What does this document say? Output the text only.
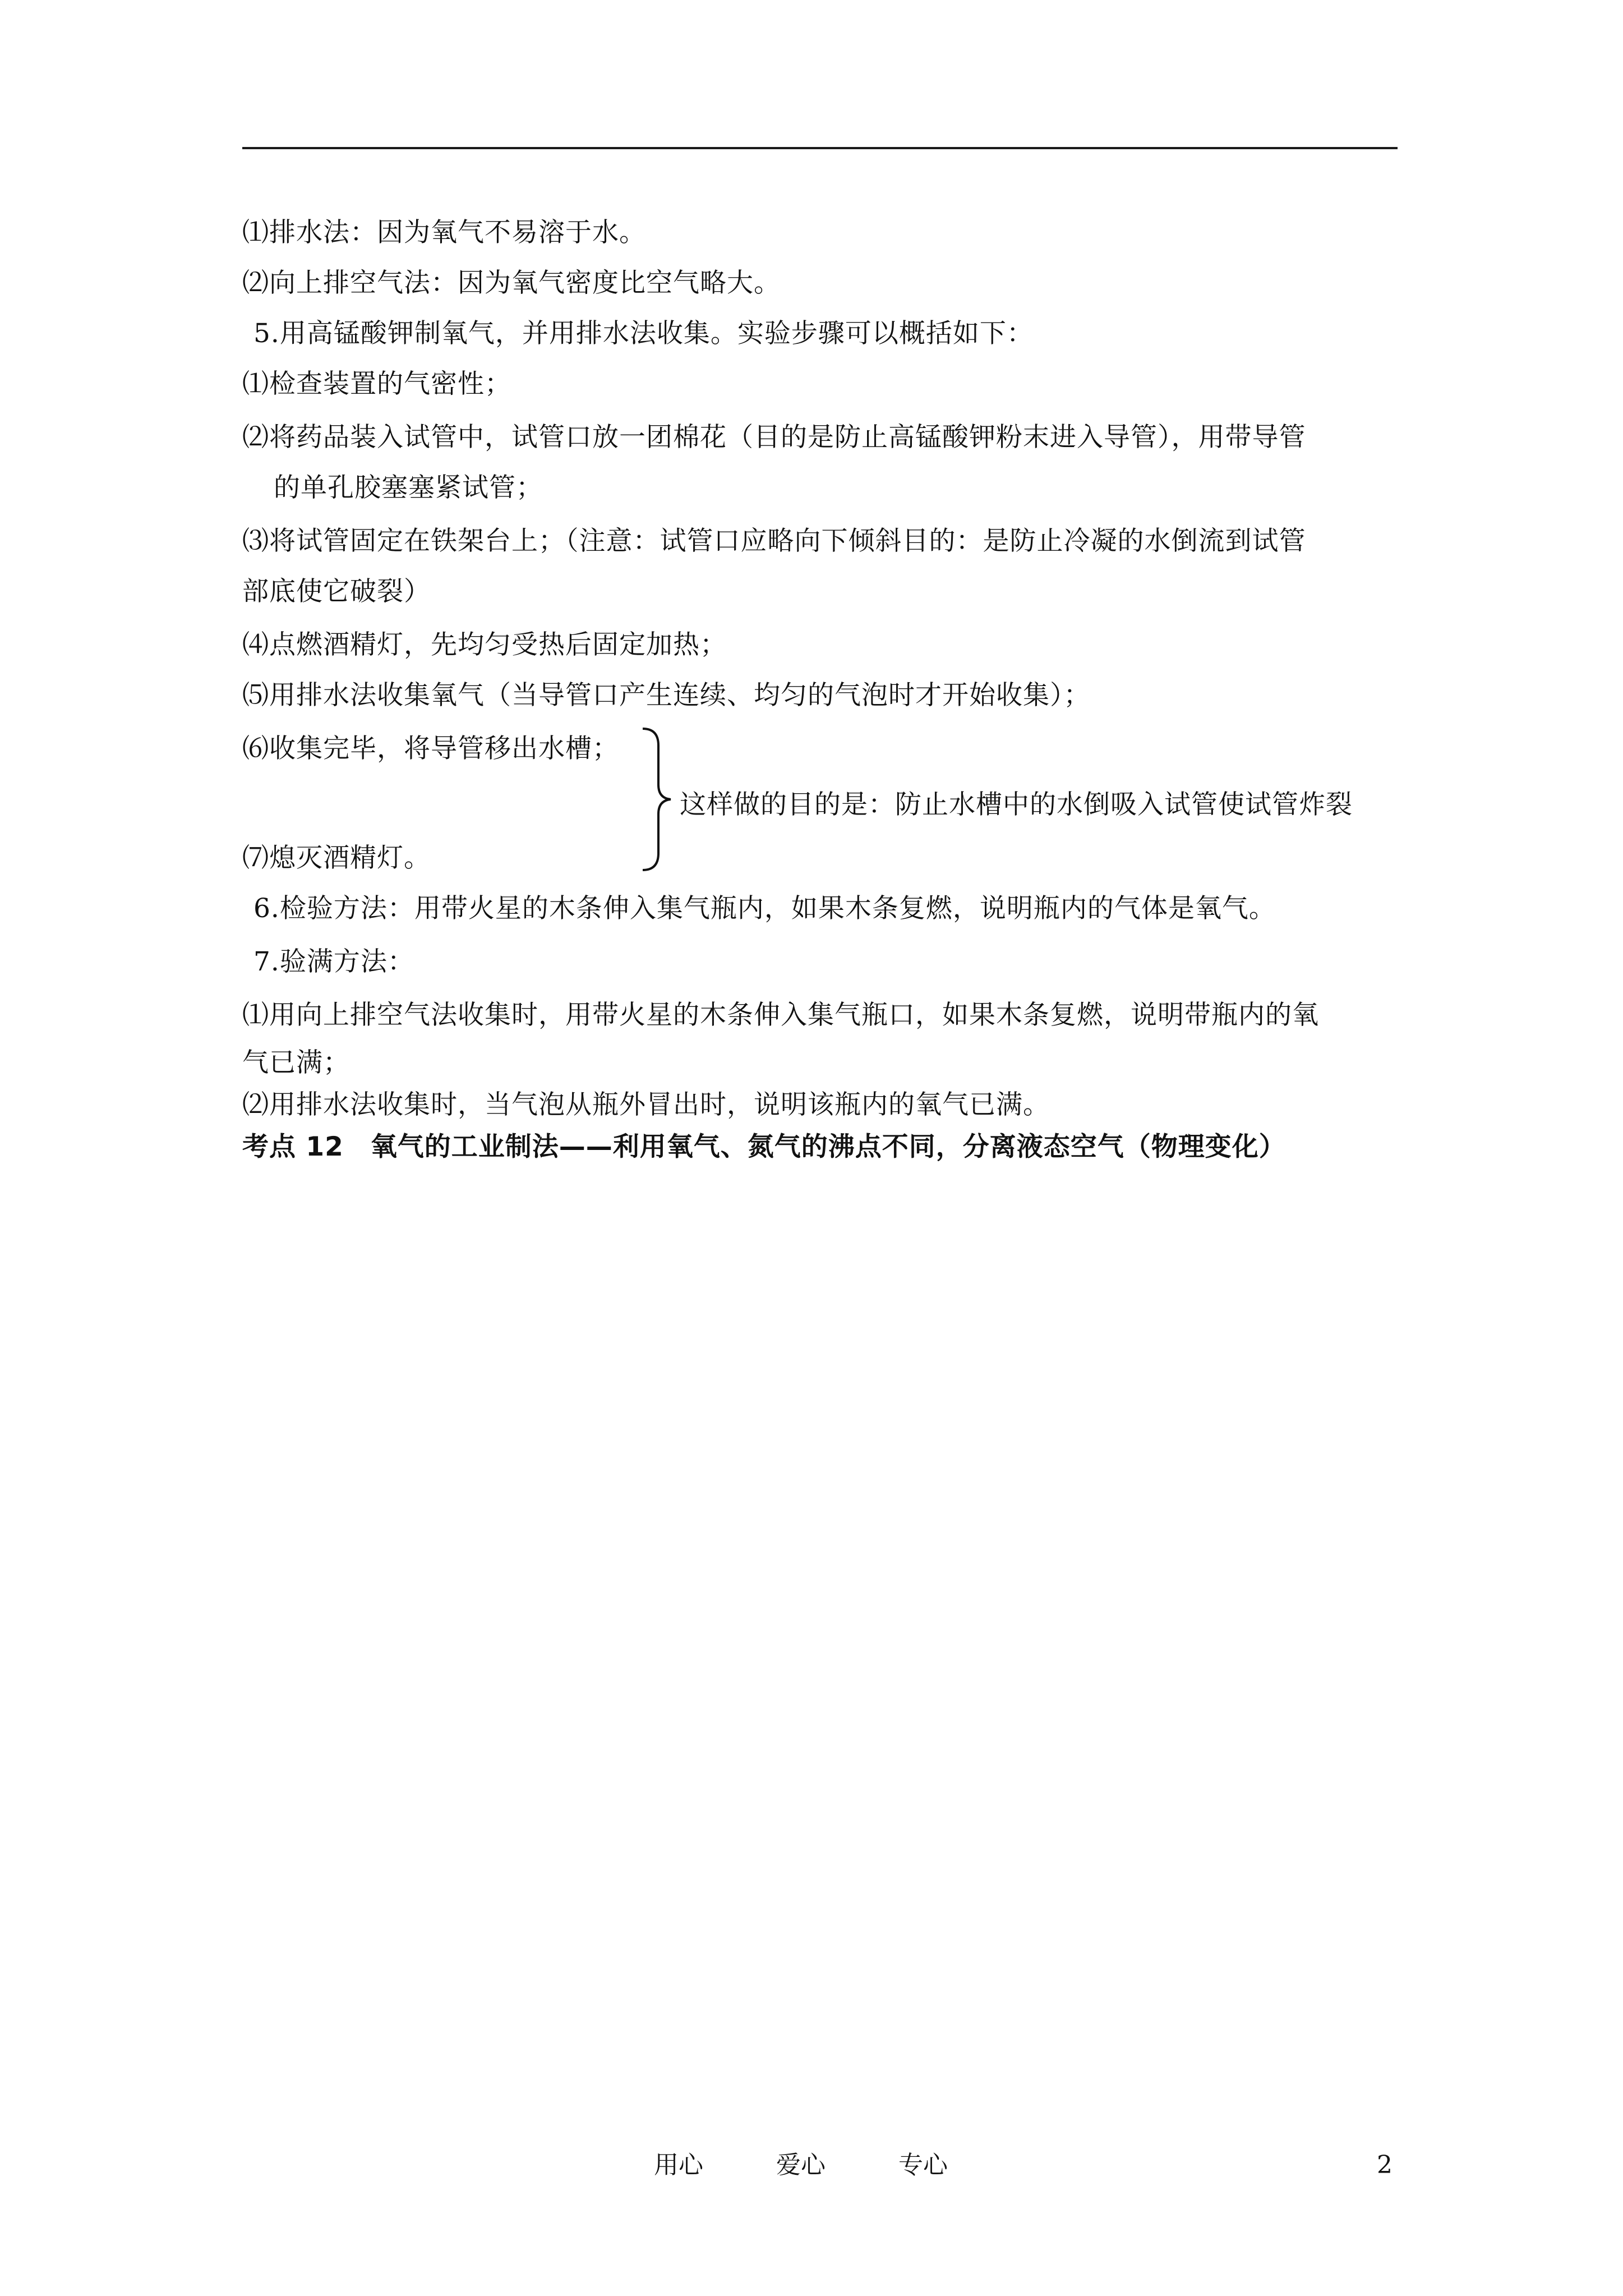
⑴排水法：因为氧气不易溶于水。
⑵向上排空气法：因为氧气密度比空气略大。
5.用高锰酸钾制氧气，并用排水法收集。实验步骤可以概括如下：
⑴检查装置的气密性；
⑵将药品装入试管中，试管口放一团棉花（目的是防止高锰酸钾粉末进入导管），用带导管
的单孔胶塞塞紧试管；
⑶将试管固定在铁架台上；（注意：试管口应略向下倾斜目的：是防止冷凝的水倒流到试管
部底使它破裂）
⑷点燃酒精灯，先均匀受热后固定加热；
⑸用排水法收集氧气（当导管口产生连续、均匀的气泡时才开始收集）；
⑹收集完毕，将导管移出水槽；
这样做的目的是：防止水槽中的水倒吸入试管使试管炸裂
⑺熄灭酒精灯。
6.检验方法：用带火星的木条伸入集气瓶内，如果木条复燃，说明瓶内的气体是氧气。
7.验满方法：
⑴用向上排空气法收集时，用带火星的木条伸入集气瓶口，如果木条复燃，说明带瓶内的氧
气已满；
⑵用排水法收集时，当气泡从瓶外冒出时，说明该瓶内的氧气已满。
考点 12　氧气的工业制法——利用氧气、氮气的沸点不同，分离液态空气（物理变化）
用心	爱心	专心	2
